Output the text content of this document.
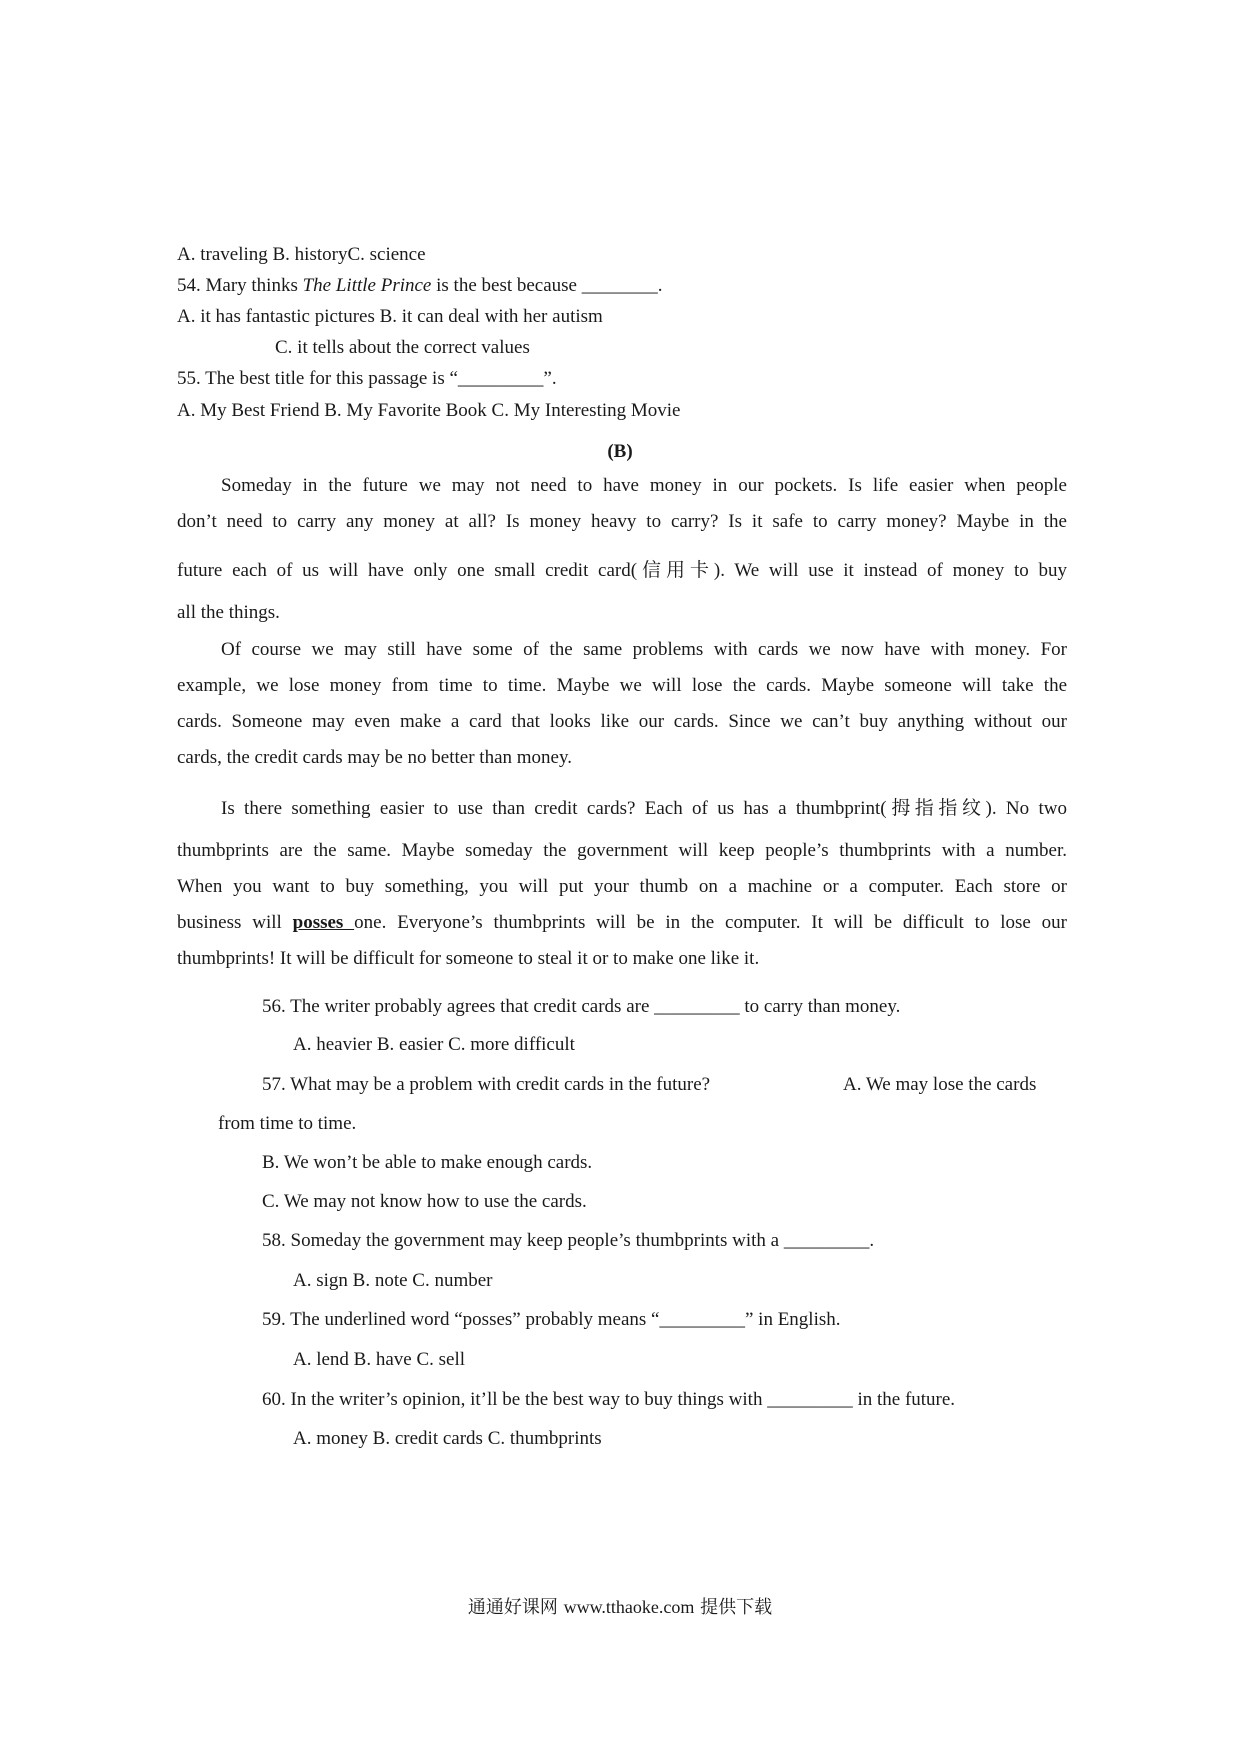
A. traveling B. historyC. science
54. Mary thinks The Little Prince is the best because ________.
A. it has fantastic pictures B. it can deal with her autism
C. it tells about the correct values
55. The best title for this passage is “_________”.
A. My Best Friend B. My Favorite Book C. My Interesting Movie
(B)
Someday in the future we may not need to have money in our pockets. Is life easier when people
don’t need to carry any money at all? Is money heavy to carry? Is it safe to carry money? Maybe in the
future each of us will have only one small credit card(信用卡). We will use it instead of money to buy
all the things.
Of course we may still have some of the same problems with cards we now have with money. For
example, we lose money from time to time. Maybe we will lose the cards. Maybe someone will take the
cards. Someone may even make a card that looks like our cards. Since we can’t buy anything without our
cards, the credit cards may be no better than money.
Is there something easier to use than credit cards? Each of us has a thumbprint(拇指指纹). No two
thumbprints are the same. Maybe someday the government will keep people’s thumbprints with a number.
When you want to buy something, you will put your thumb on a machine or a computer. Each store or
business will posses one. Everyone’s thumbprints will be in the computer. It will be difficult to lose our
thumbprints! It will be difficult for someone to steal it or to make one like it.
56. The writer probably agrees that credit cards are _________ to carry than money.
A. heavier B. easier C. more difficult
57. What may be a problem with credit cards in the future?	A. We may lose the cards
from time to time.
B. We won’t be able to make enough cards.
C. We may not know how to use the cards.
58. Someday the government may keep people’s thumbprints with a _________.
A. sign B. note C. number
59. The underlined word “posses” probably means “_________” in English.
A. lend B. have C. sell
60. In the writer’s opinion, it’ll be the best way to buy things with _________ in the future.
A. money B. credit cards C. thumbprints
通通好课网 www.tthaoke.com 提供下载
